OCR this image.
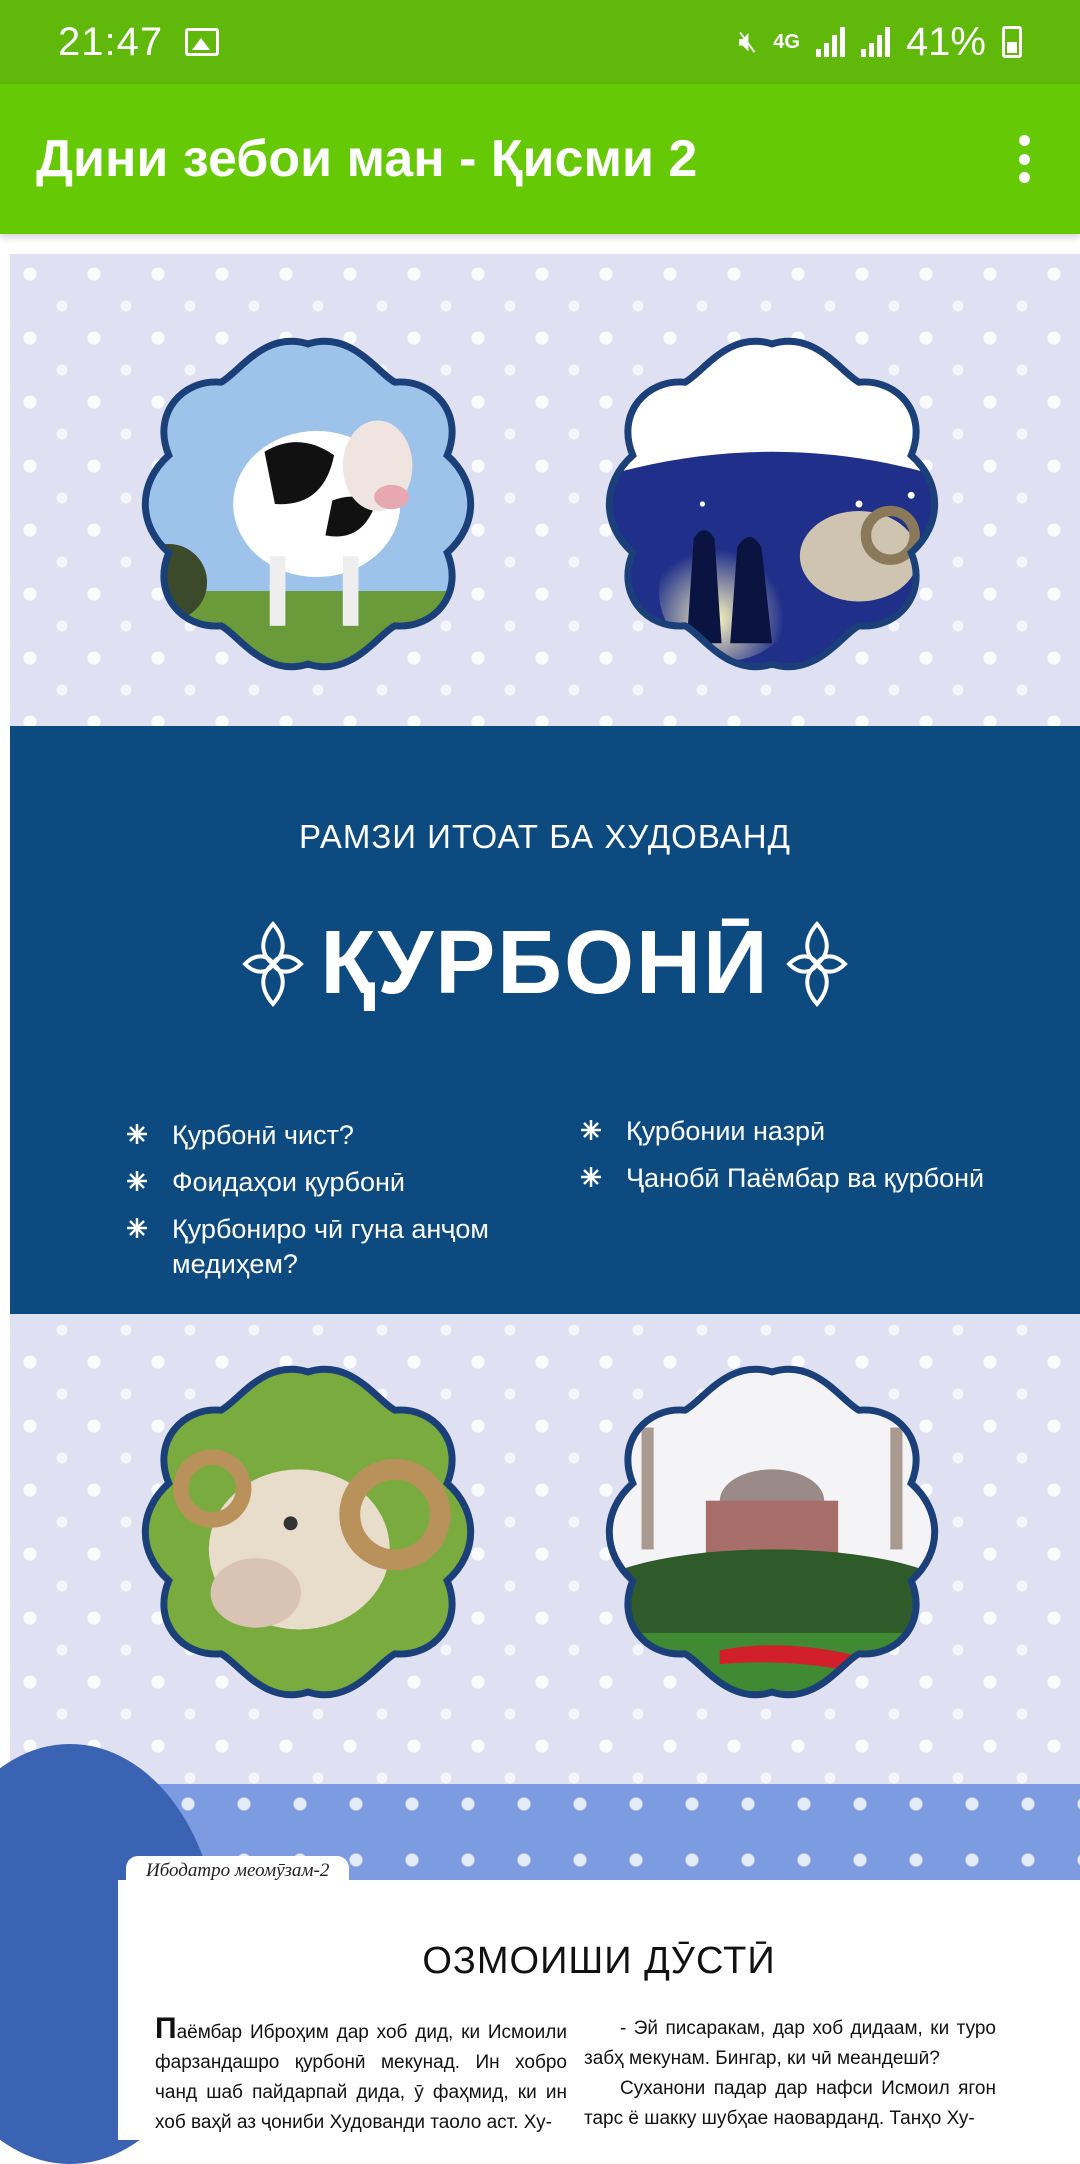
21:47	🔇︎ 4G	41%
Дини зебои ман - Қисми 2
РАМЗИ ИТОАТ БА ХУДОВАНД
ҚУРБОНӢ
Қурбонӣ чист?
Фоидаҳои қурбонӣ
Қурбониро чӣ гуна анҷом медиҳем?
Қурбонии назрӣ
Ҷанобӣ Паёмбар ва қурбонӣ
Ибодатро меомӯзам-2
ОЗМОИШИ ДӮСТӢ
Паёмбар Иброҳим дар хоб дид, ки Исмоили фарзандашро қурбонӣ мекунад. Ин хобро чанд шаб пайдарпай дида, ӯ фаҳмид, ки ин хоб ваҳй аз ҷониби Худованди таоло аст. Ху-
- Эй писаракам, дар хоб дидаам, ки туро забҳ мекунам. Бингар, ки чӣ меандешӣ?
Суханони падар дар нафси Исмоил ягон тарс ё шакку шубҳае наоварданд. Танҳо Ху-
